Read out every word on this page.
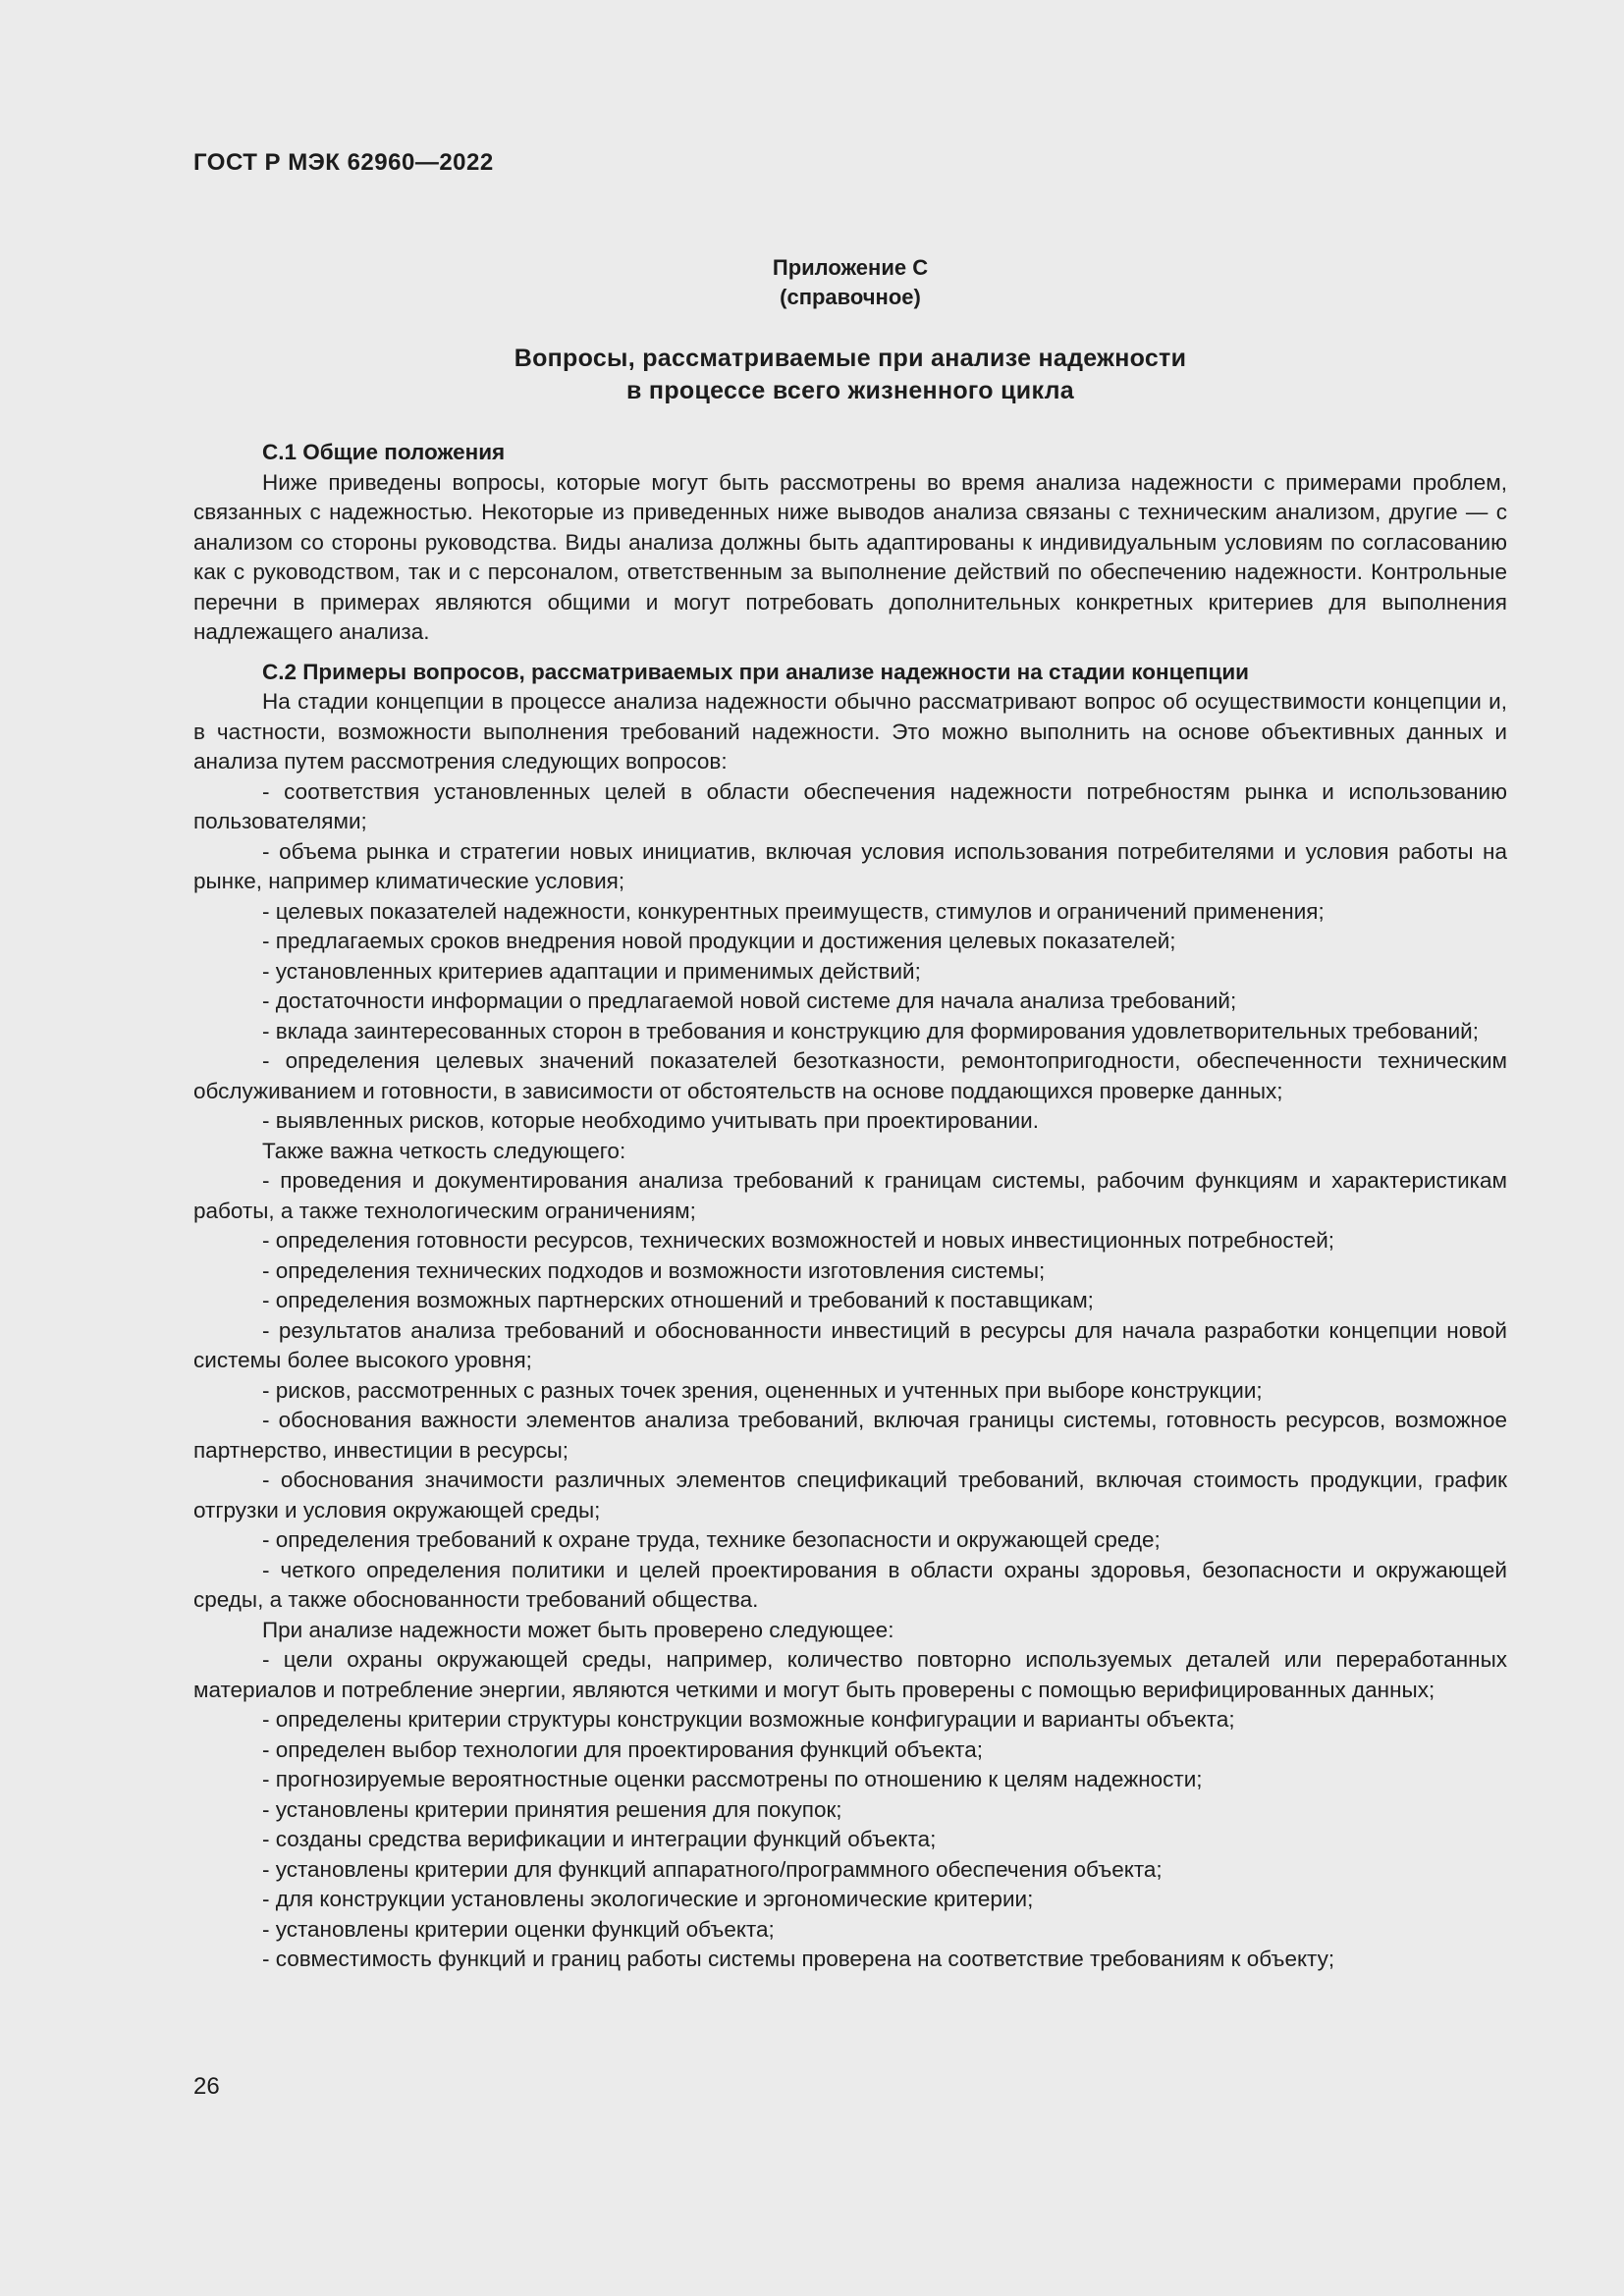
ГОСТ Р МЭК 62960—2022

Приложение С
(справочное)
Вопросы, рассматриваемые при анализе надежности
в процессе всего жизненного цикла

С.1 Общие положения

Ниже приведены вопросы, которые могут быть рассмотрены во время анализа надежности с примерами проблем, связанных с надежностью. Некоторые из приведенных ниже выводов анализа связаны с техническим анализом, другие — с анализом со стороны руководства. Виды анализа должны быть адаптированы к индивидуальным условиям по согласованию как с руководством, так и с персоналом, ответственным за выполнение действий по обеспечению надежности. Контрольные перечни в примерах являются общими и могут потребовать дополнительных конкретных критериев для выполнения надлежащего анализа.

С.2 Примеры вопросов, рассматриваемых при анализе надежности на стадии концепции

На стадии концепции в процессе анализа надежности обычно рассматривают вопрос об осуществимости концепции и, в частности, возможности выполнения требований надежности. Это можно выполнить на основе объективных данных и анализа путем рассмотрения следующих вопросов:

- соответствия установленных целей в области обеспечения надежности потребностям рынка и использованию пользователями;
- объема рынка и стратегии новых инициатив, включая условия использования потребителями и условия работы на рынке, например климатические условия;
- целевых показателей надежности, конкурентных преимуществ, стимулов и ограничений применения;
- предлагаемых сроков внедрения новой продукции и достижения целевых показателей;
- установленных критериев адаптации и применимых действий;
- достаточности информации о предлагаемой новой системе для начала анализа требований;
- вклада заинтересованных сторон в требования и конструкцию для формирования удовлетворительных требований;
- определения целевых значений показателей безотказности, ремонтопригодности, обеспеченности техническим обслуживанием и готовности, в зависимости от обстоятельств на основе поддающихся проверке данных;
- выявленных рисков, которые необходимо учитывать при проектировании.

Также важна четкость следующего:

- проведения и документирования анализа требований к границам системы, рабочим функциям и характеристикам работы, а также технологическим ограничениям;
- определения готовности ресурсов, технических возможностей и новых инвестиционных потребностей;
- определения технических подходов и возможности изготовления системы;
- определения возможных партнерских отношений и требований к поставщикам;
- результатов анализа требований и обоснованности инвестиций в ресурсы для начала разработки концепции новой системы более высокого уровня;
- рисков, рассмотренных с разных точек зрения, оцененных и учтенных при выборе конструкции;
- обоснования важности элементов анализа требований, включая границы системы, готовность ресурсов, возможное партнерство, инвестиции в ресурсы;
- обоснования значимости различных элементов спецификаций требований, включая стоимость продукции, график отгрузки и условия окружающей среды;
- определения требований к охране труда, технике безопасности и окружающей среде;
- четкого определения политики и целей проектирования в области охраны здоровья, безопасности и окружающей среды, а также обоснованности требований общества.

При анализе надежности может быть проверено следующее:

- цели охраны окружающей среды, например, количество повторно используемых деталей или переработанных материалов и потребление энергии, являются четкими и могут быть проверены с помощью верифицированных данных;
- определены критерии структуры конструкции возможные конфигурации и варианты объекта;
- определен выбор технологии для проектирования функций объекта;
- прогнозируемые вероятностные оценки рассмотрены по отношению к целям надежности;
- установлены критерии принятия решения для покупок;
- созданы средства верификации и интеграции функций объекта;
- установлены критерии для функций аппаратного/программного обеспечения объекта;
- для конструкции установлены экологические и эргономические критерии;
- установлены критерии оценки функций объекта;
- совместимость функций и границ работы системы проверена на соответствие требованиям к объекту;
26
